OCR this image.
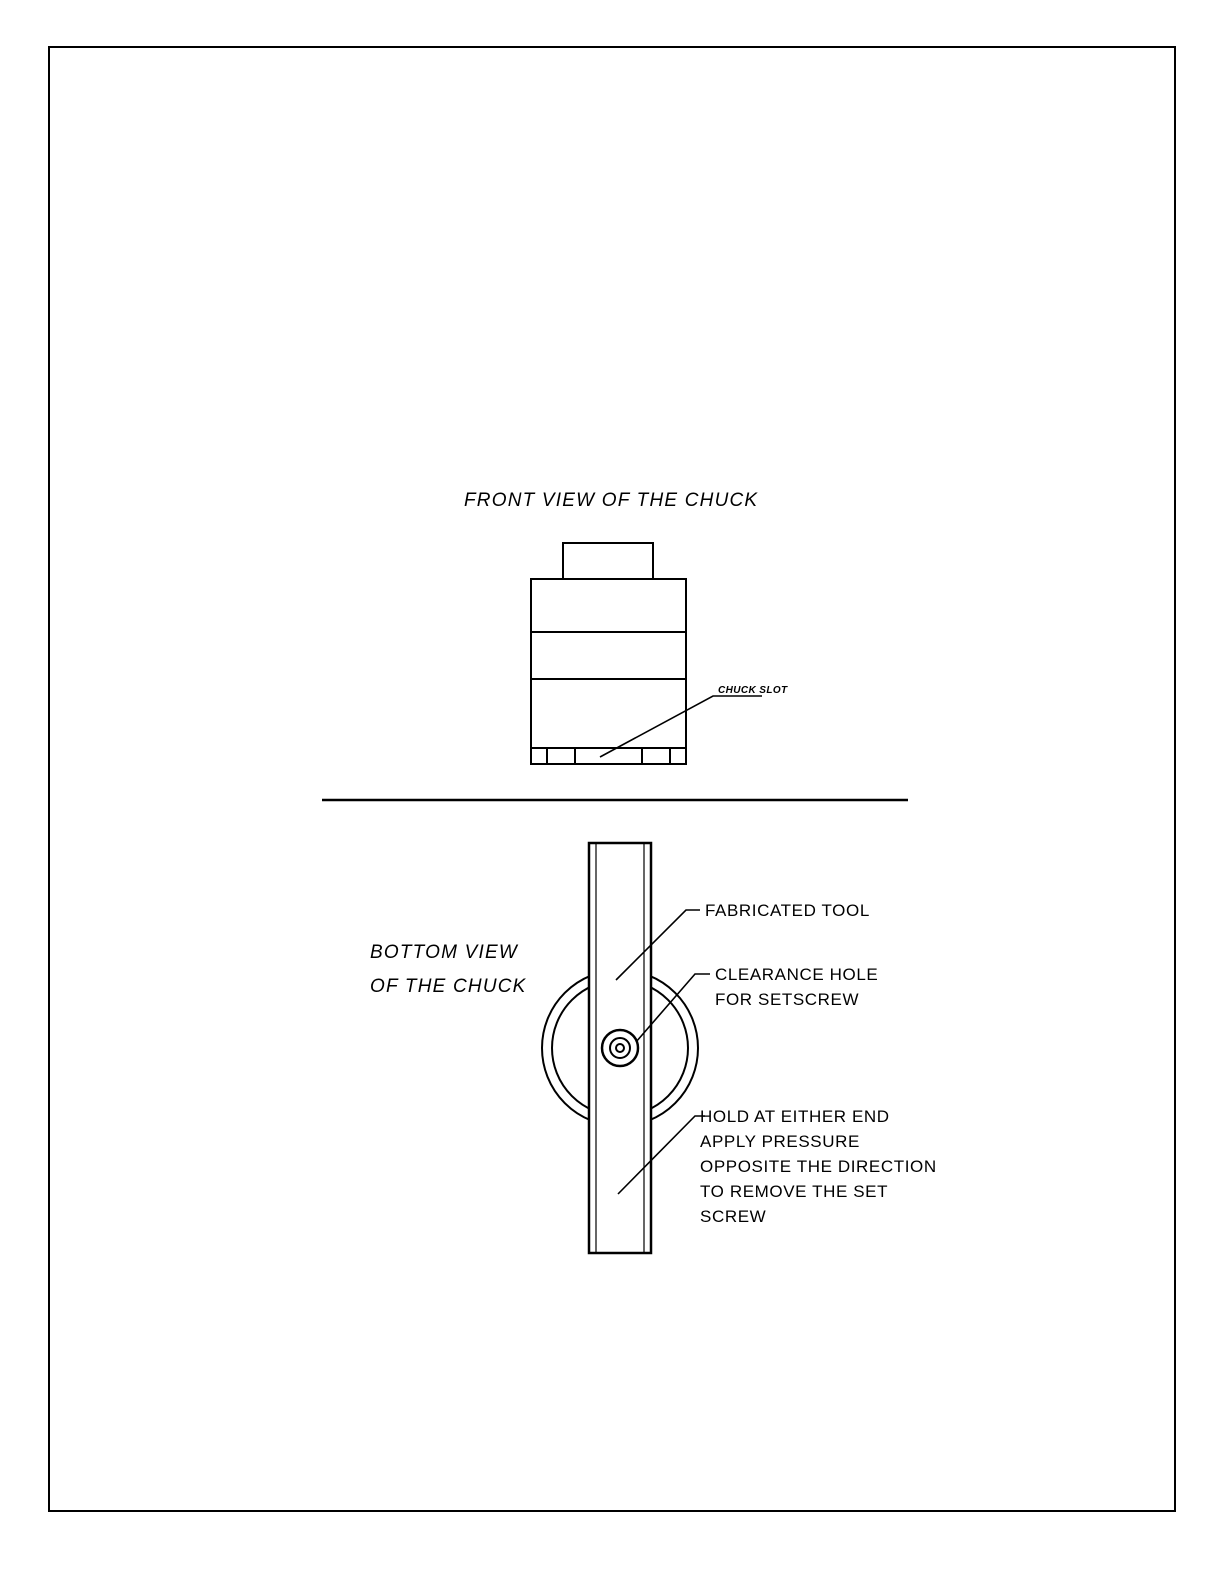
FRONT VIEW OF THE CHUCK
CHUCK SLOT
BOTTOM VIEW
OF THE CHUCK
FABRICATED TOOL
CLEARANCE HOLE
FOR SETSCREW
HOLD AT EITHER END
APPLY PRESSURE
OPPOSITE THE DIRECTION
TO REMOVE THE SET
SCREW
